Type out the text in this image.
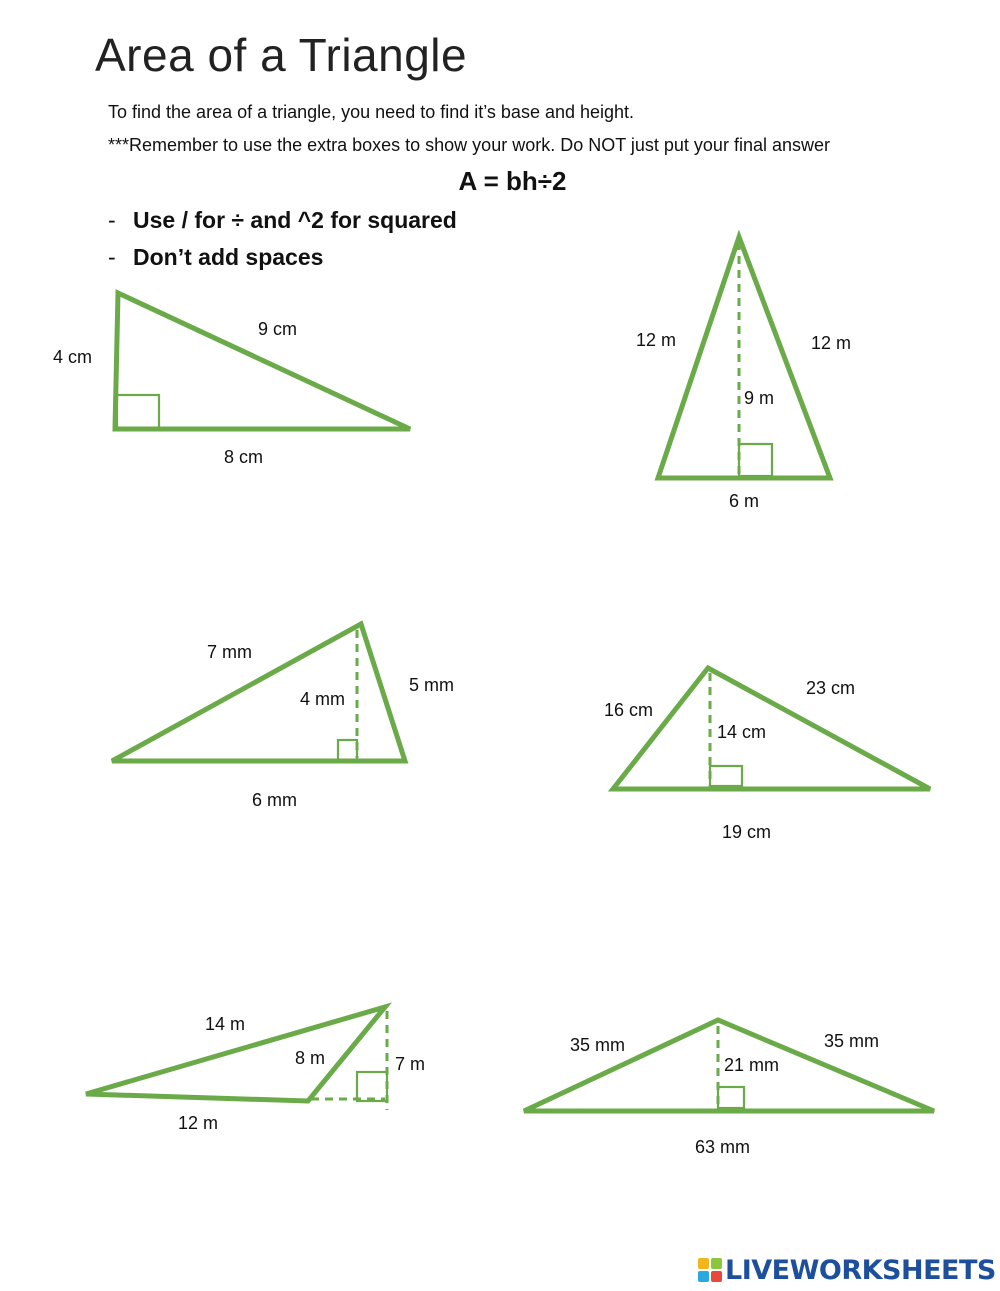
Area of a Triangle

To find the area of a triangle, you need to find it’s base and height.

***Remember to use the extra boxes to show your work. Do NOT just put your final answer

A = bh÷2

- Use / for ÷ and ^2 for squared

- Don’t add spaces

4 cm
9 cm
8 cm
12 m	12 m
9 m
6 m
7 mm
4 mm
5 mm
6 mm
16 cm
23 cm
14 cm
19 cm
14 m
8 m	7 m
12 m
35 mm	35 mm
21 mm
63 mm
LIVEWORKSHEETS
